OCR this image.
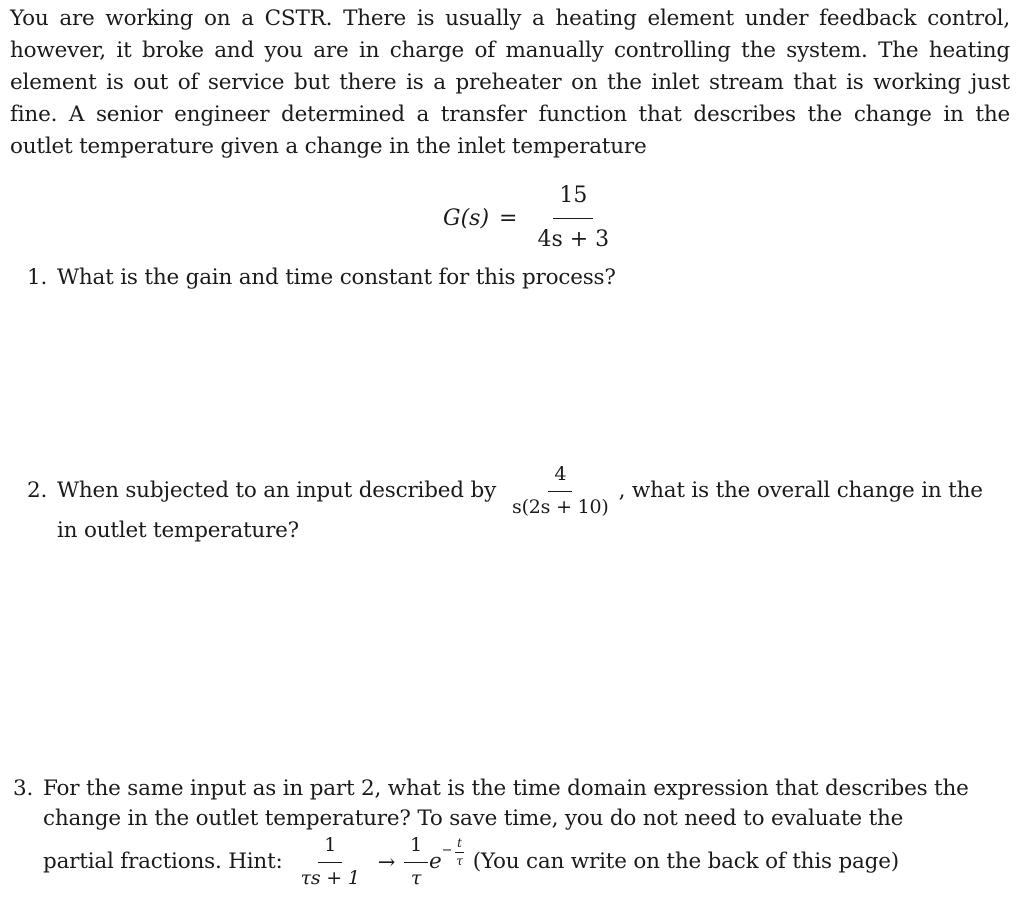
You are working on a CSTR. There is usually a heating element under feedback control, however, it broke and you are in charge of manually controlling the system. The heating element is out of service but there is a preheater on the inlet stream that is working just fine. A senior engineer determined a transfer function that describes the change in the outlet temperature given a change in the inlet temperature

$G(s) = \frac{15}{4s + 3}$
1. What is the gain and time constant for this process?
2. When subjected to an input described by $\frac{4}{s(2s + 10)}$ , what is the overall change in the
in outlet temperature?
3. For the same input as in part 2, what is the time domain expression that describes the
change in the outlet temperature? To save time, you do not need to evaluate the
partial fractions. Hint: $\frac{1}{\tau s + 1} \to \frac{1}{\tau}$ $e - \frac{t}{\tau} (You$ can write on the back of this page)
